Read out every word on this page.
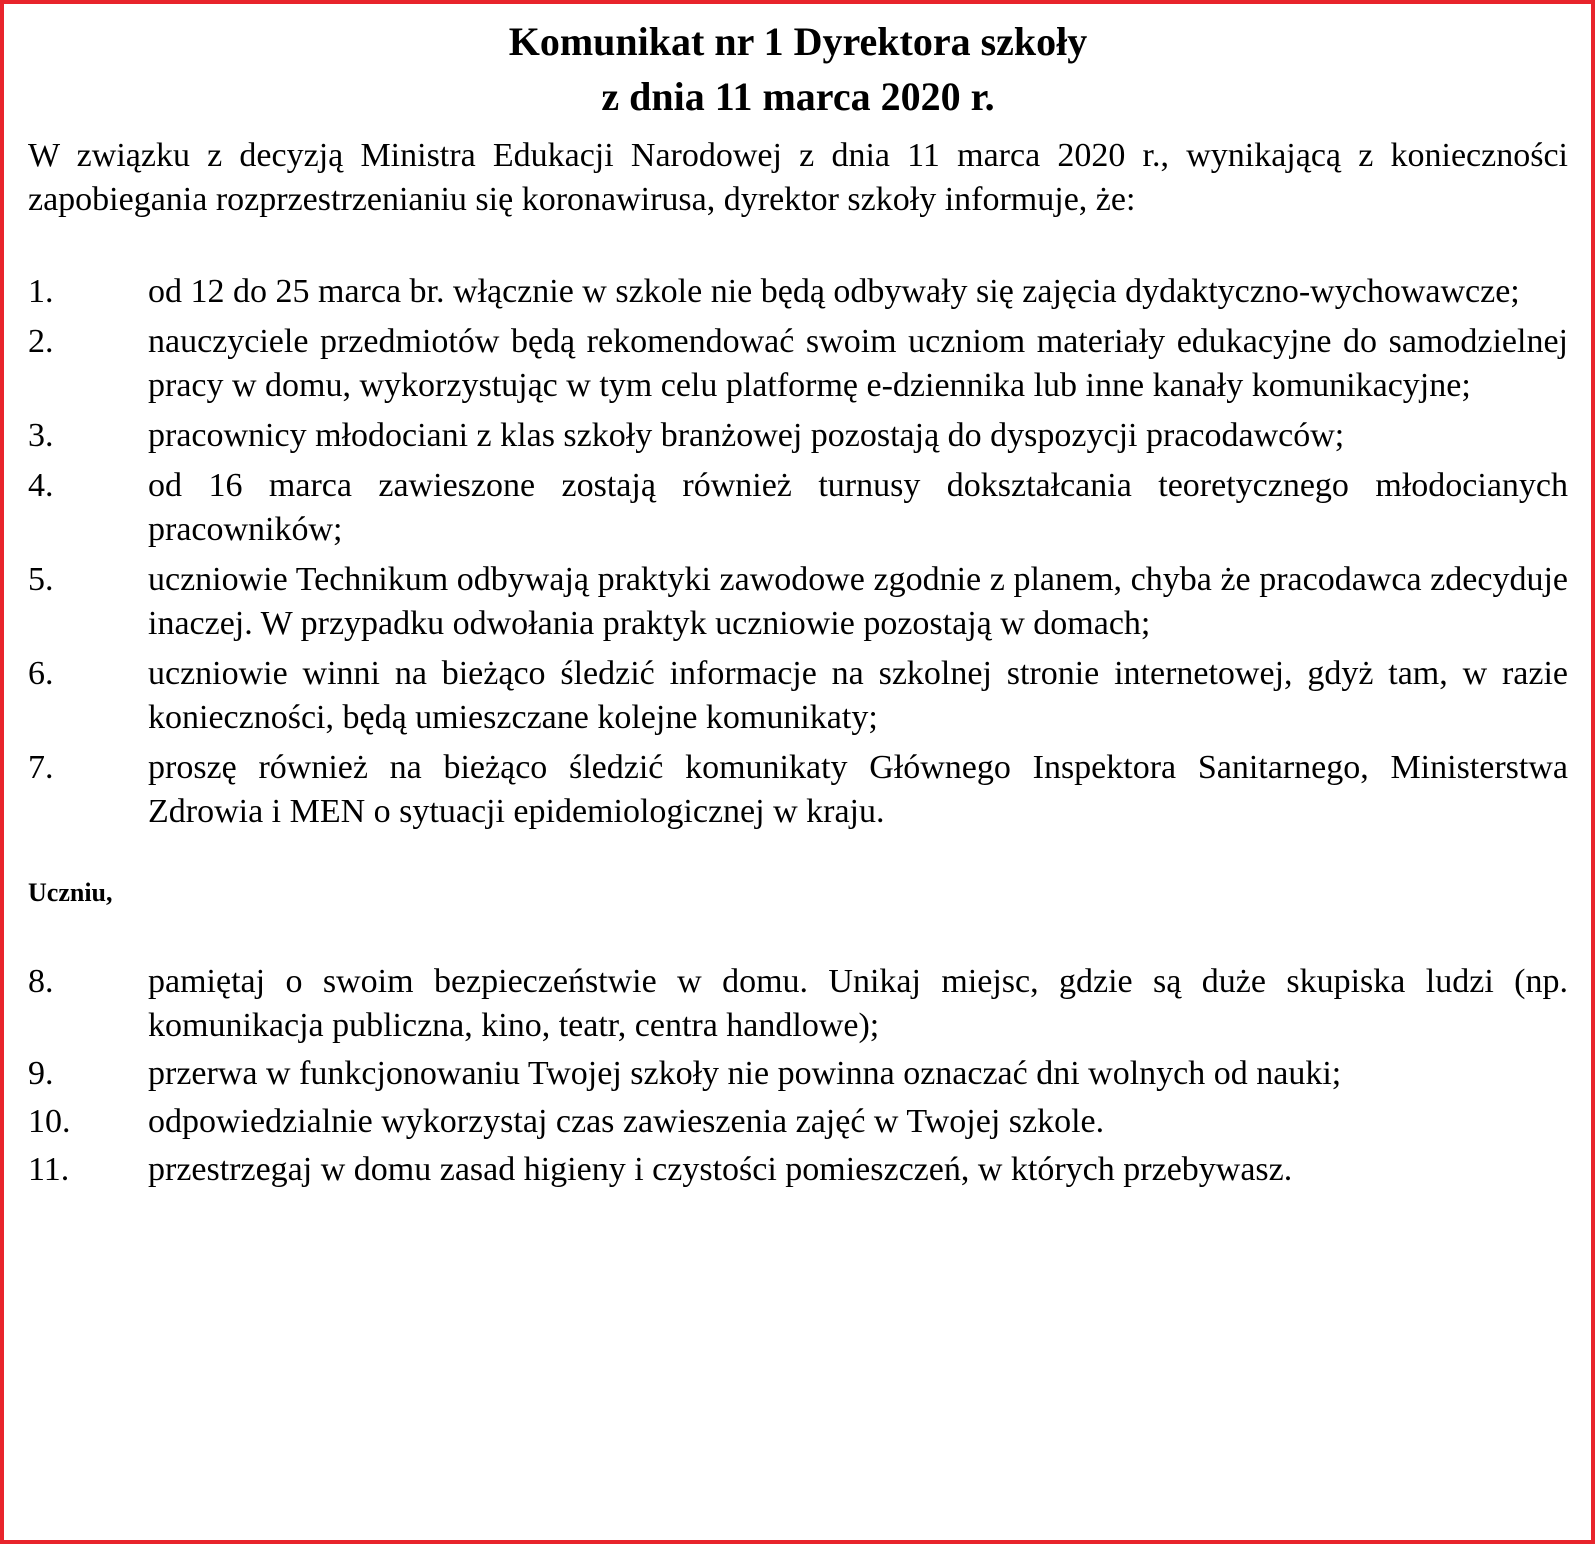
Komunikat nr 1 Dyrektora szkoły
z dnia 11 marca 2020 r.

W związku z decyzją Ministra Edukacji Narodowej z dnia 11 marca 2020 r., wynikającą z konieczności zapobiegania rozprzestrzenianiu się koronawirusa, dyrektor szkoły informuje, że:

1.	od 12 do 25 marca br. włącznie w szkole nie będą odbywały się zajęcia dydaktyczno-wychowawcze;
2.	nauczyciele przedmiotów będą rekomendować swoim uczniom materiały edukacyjne do samodzielnej pracy w domu, wykorzystując w tym celu platformę e-dziennika lub inne kanały komunikacyjne;
3.	pracownicy młodociani z klas szkoły branżowej pozostają do dyspozycji pracodawców;
4.	od 16 marca zawieszone zostają również turnusy dokształcania teoretycznego młodocianych pracowników;
5.	uczniowie Technikum odbywają praktyki zawodowe zgodnie z planem, chyba że pracodawca zdecyduje inaczej. W przypadku odwołania praktyk uczniowie pozostają w domach;
6.	uczniowie winni na bieżąco śledzić informacje na szkolnej stronie internetowej, gdyż tam, w razie konieczności, będą umieszczane kolejne komunikaty;
7.	proszę również na bieżąco śledzić komunikaty Głównego Inspektora Sanitarnego, Ministerstwa Zdrowia i MEN o sytuacji epidemiologicznej w kraju.

Uczniu,

8.	pamiętaj o swoim bezpieczeństwie w domu. Unikaj miejsc, gdzie są duże skupiska ludzi (np. komunikacja publiczna, kino, teatr, centra handlowe);
9.	przerwa w funkcjonowaniu Twojej szkoły nie powinna oznaczać dni wolnych od nauki;
10.	odpowiedzialnie wykorzystaj czas zawieszenia zajęć w Twojej szkole.
11.	przestrzegaj w domu zasad higieny i czystości pomieszczeń, w których przebywasz.
